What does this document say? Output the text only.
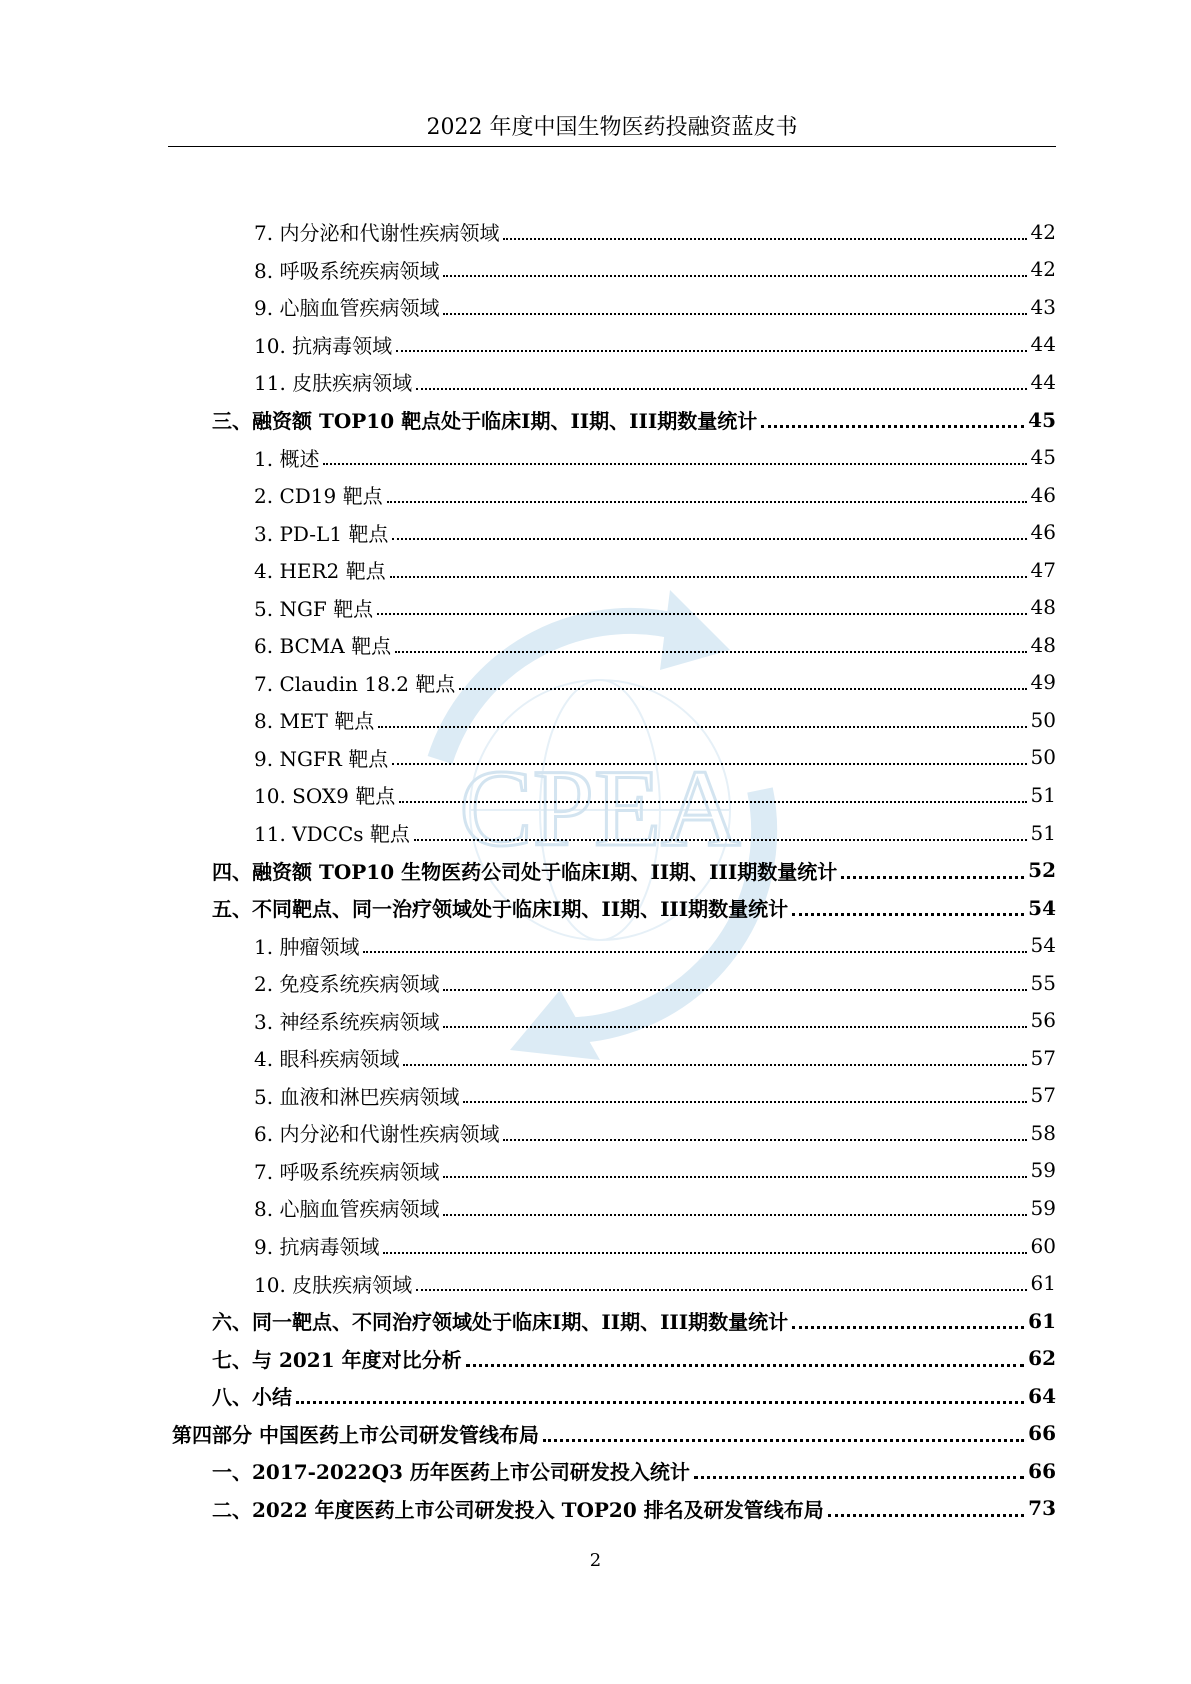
2022 年度中国生物医药投融资蓝皮书
CPEA
7. 内分泌和代谢性疾病领域	42
8. 呼吸系统疾病领域	42
9. 心脑血管疾病领域	43
10. 抗病毒领域	44
11. 皮肤疾病领域	44
三、融资额 TOP10 靶点处于临床I期、II期、III期数量统计	45
1. 概述	45
2. CD19 靶点	46
3. PD-L1 靶点	46
4. HER2 靶点	47
5. NGF 靶点	48
6. BCMA 靶点	48
7. Claudin 18.2 靶点	49
8. MET 靶点	50
9. NGFR 靶点	50
10. SOX9 靶点	51
11. VDCCs 靶点	51
四、融资额 TOP10 生物医药公司处于临床I期、II期、III期数量统计	52
五、不同靶点、同一治疗领域处于临床I期、II期、III期数量统计	54
1. 肿瘤领域	54
2. 免疫系统疾病领域	55
3. 神经系统疾病领域	56
4. 眼科疾病领域	57
5. 血液和淋巴疾病领域	57
6. 内分泌和代谢性疾病领域	58
7. 呼吸系统疾病领域	59
8. 心脑血管疾病领域	59
9. 抗病毒领域	60
10. 皮肤疾病领域	61
六、同一靶点、不同治疗领域处于临床I期、II期、III期数量统计	61
七、与 2021 年度对比分析	62
八、小结	64
第四部分 中国医药上市公司研发管线布局	66
一、2017-2022Q3 历年医药上市公司研发投入统计	66
二、2022 年度医药上市公司研发投入 TOP20 排名及研发管线布局	73
2
